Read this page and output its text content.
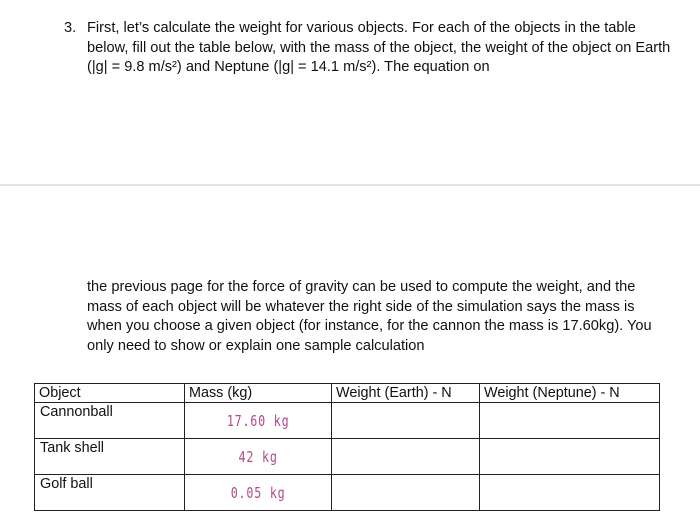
3. First, let’s calculate the weight for various objects. For each of the objects in the table below, fill out the table below, with the mass of the object, the weight of the object on Earth (|g| = 9.8 m/s²) and Neptune (|g| = 14.1 m/s²). The equation on

the previous page for the force of gravity can be used to compute the weight, and the mass of each object will be whatever the right side of the simulation says the mass is when you choose a given object (for instance, for the cannon the mass is 17.60kg). You only need to show or explain one sample calculation

Object	Mass (kg)	Weight (Earth) - N	Weight (Neptune) - N
Cannonball	17.60 kg		
Tank shell	42 kg		
Golf ball	0.05 kg		
